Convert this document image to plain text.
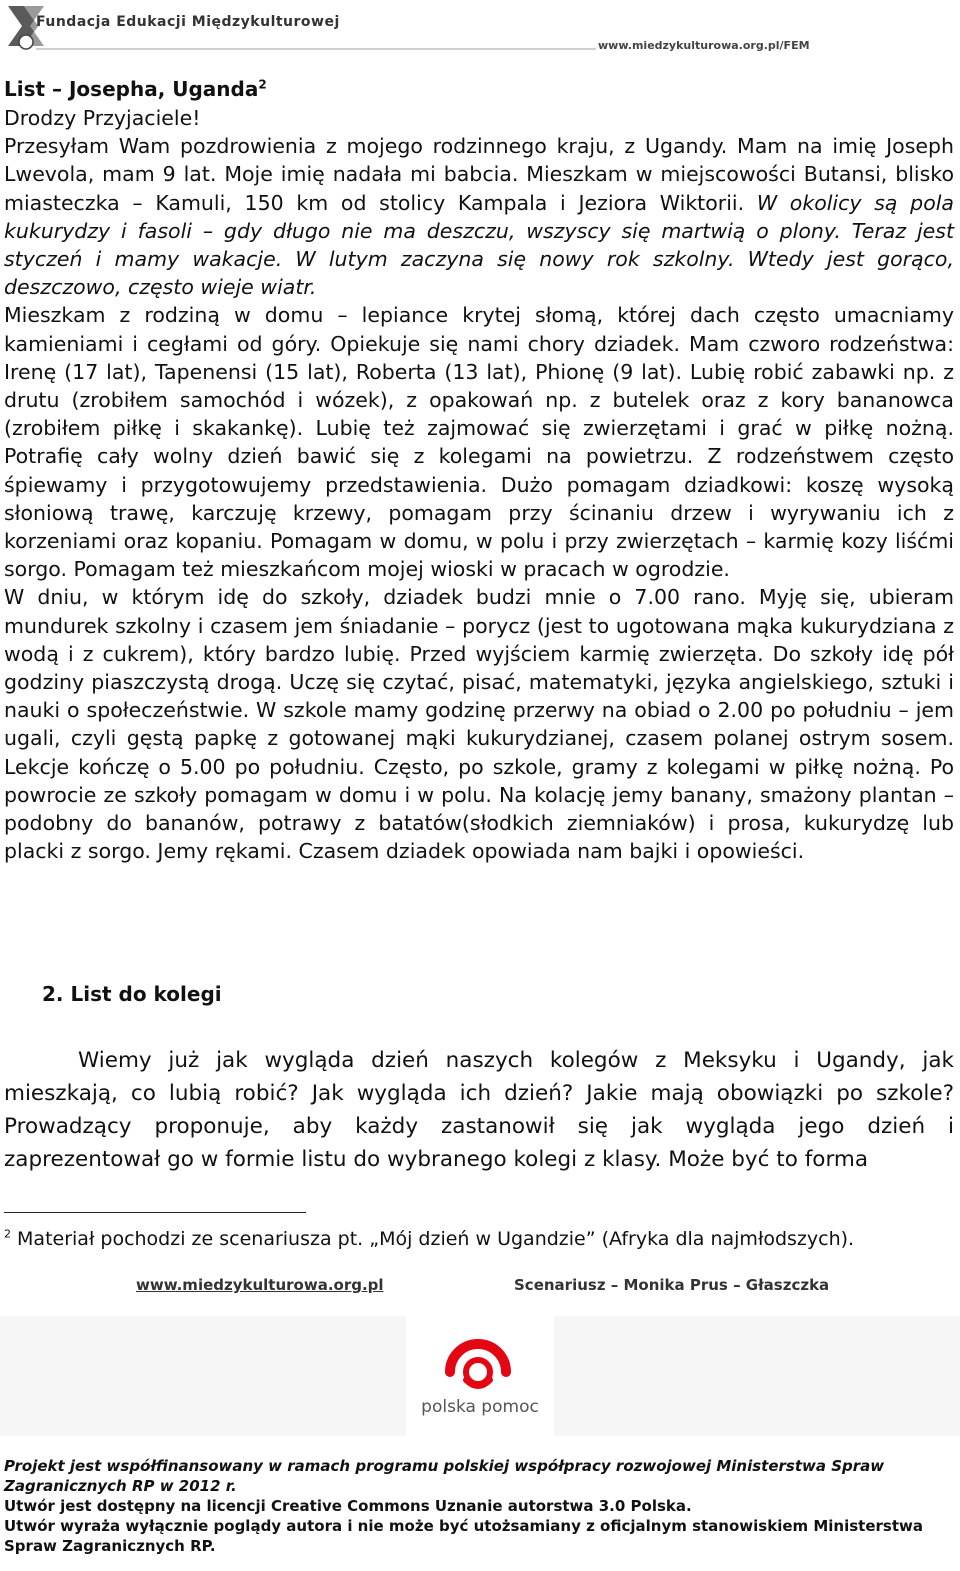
Fundacja Edukacji Międzykulturowej
www.miedzykulturowa.org.pl/FEM
List – Josepha, Uganda$^2$

Drodzy Przyjaciele!

Przesyłam Wam pozdrowienia z mojego rodzinnego kraju, z Ugandy. Mam na imię Joseph Lwevola, mam 9 lat. Moje imię nadała mi babcia. Mieszkam w miejscowości Butansi, blisko miasteczka – Kamuli, 150 km od stolicy Kampala i Jeziora Wiktorii. W okolicy są pola kukurydzy i fasoli – gdy długo nie ma deszczu, wszyscy się martwią o plony. Teraz jest styczeń i mamy wakacje. W lutym zaczyna się nowy rok szkolny. Wtedy jest gorąco, deszczowo, często wieje wiatr.

Mieszkam z rodziną w domu – lepiance krytej słomą, której dach często umacniamy kamieniami i cegłami od góry. Opiekuje się nami chory dziadek. Mam czworo rodzeństwa: Irenę (17 lat), Tapenensi (15 lat), Roberta (13 lat), Phionę (9 lat). Lubię robić zabawki np. z drutu (zrobiłem samochód i wózek), z opakowań np. z butelek oraz z kory bananowca (zrobiłem piłkę i skakankę). Lubię też zajmować się zwierzętami i grać w piłkę nożną. Potrafię cały wolny dzień bawić się z kolegami na powietrzu. Z rodzeństwem często śpiewamy i przygotowujemy przedstawienia. Dużo pomagam dziadkowi: koszę wysoką słoniową trawę, karczuję krzewy, pomagam przy ścinaniu drzew i wyrywaniu ich z korzeniami oraz kopaniu. Pomagam w domu, w polu i przy zwierzętach – karmię kozy liśćmi sorgo. Pomagam też mieszkańcom mojej wioski w pracach w ogrodzie.

W dniu, w którym idę do szkoły, dziadek budzi mnie o 7.00 rano. Myję się, ubieram mundurek szkolny i czasem jem śniadanie – porycz (jest to ugotowana mąka kukurydziana z wodą i z cukrem), który bardzo lubię. Przed wyjściem karmię zwierzęta. Do szkoły idę pół godziny piaszczystą drogą. Uczę się czytać, pisać, matematyki, języka angielskiego, sztuki i nauki o społeczeństwie. W szkole mamy godzinę przerwy na obiad o 2.00 po południu – jem ugali, czyli gęstą papkę z gotowanej mąki kukurydzianej, czasem polanej ostrym sosem. Lekcje kończę o 5.00 po południu. Często, po szkole, gramy z kolegami w piłkę nożną. Po powrocie ze szkoły pomagam w domu i w polu. Na kolację jemy banany, smażony plantan – podobny do bananów, potrawy z batatów(słodkich ziemniaków) i prosa, kukurydzę lub placki z sorgo. Jemy rękami. Czasem dziadek opowiada nam bajki i opowieści.

2. List do kolegi
Wiemy już jak wygląda dzień naszych kolegów z Meksyku i Ugandy, jak mieszkają, co lubią robić? Jak wygląda ich dzień? Jakie mają obowiązki po szkole? Prowadzący proponuje, aby każdy zastanowił się jak wygląda jego dzień i zaprezentował go w formie listu do wybranego kolegi z klasy. Może być to forma
$^2$ Materiał pochodzi ze scenariusza pt. „Mój dzień w Ugandzie” (Afryka dla najmłodszych).
www.miedzykulturowa.org.pl	Scenariusz – Monika Prus – Głaszczka
polska pomoc

Projekt jest współfinansowany w ramach programu polskiej współpracy rozwojowej Ministerstwa Spraw Zagranicznych RP w 2012 r.

Utwór jest dostępny na licencji Creative Commons Uznanie autorstwa 3.0 Polska.

Utwór wyraża wyłącznie poglądy autora i nie może być utożsamiany z oficjalnym stanowiskiem Ministerstwa Spraw Zagranicznych RP.
